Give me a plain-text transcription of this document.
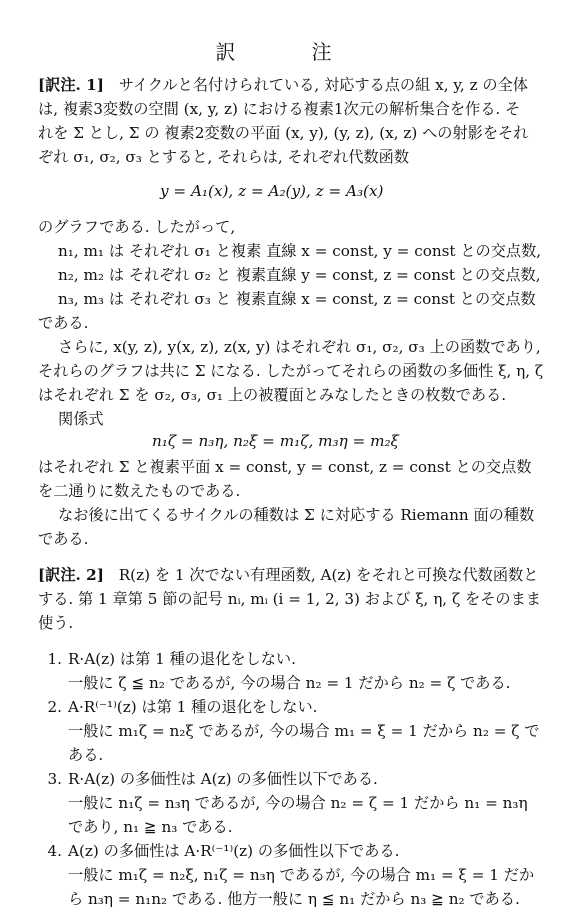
訳　注
[訳注. 1] サイクルと名付けられている, 対応する点の組 x, y, z の全体
は, 複素3変数の空間 (x, y, z) における複素1次元の解析集合を作る. そ
れを Σ とし, Σ の 複素2変数の平面 (x, y), (y, z), (x, z) への射影をそれ
ぞれ σ₁, σ₂, σ₃ とすると, それらは, それぞれ代数函数
y = A₁(x), z = A₂(y), z = A₃(x)
のグラフである. したがって,
n₁, m₁ は それぞれ σ₁ と複素 直線 x = const, y = const との交点数,
n₂, m₂ は それぞれ σ₂ と 複素直線 y = const, z = const との交点数,
n₃, m₃ は それぞれ σ₃ と 複素直線 x = const, z = const との交点数
である.
さらに, x(y, z), y(x, z), z(x, y) はそれぞれ σ₁, σ₂, σ₃ 上の函数であり,
それらのグラフは共に Σ になる. したがってそれらの函数の多価性 ξ, η, ζ
はそれぞれ Σ を σ₂, σ₃, σ₁ 上の被覆面とみなしたときの枚数である.
関係式
n₁ζ = n₃η, n₂ξ = m₁ζ, m₃η = m₂ξ
はそれぞれ Σ と複素平面 x = const, y = const, z = const との交点数
を二通りに数えたものである.
なお後に出てくるサイクルの種数は Σ に対応する Riemann 面の種数
である.
[訳注. 2] R(z) を 1 次でない有理函数, A(z) をそれと可換な代数函数と
する. 第 1 章第 5 節の記号 nᵢ, mᵢ (i = 1, 2, 3) および ξ, η, ζ をそのまま
使う.
1. R·A(z) は第 1 種の退化をしない.
一般に ζ ≦ n₂ であるが, 今の場合 n₂ = 1 だから n₂ = ζ である.
2. A·R⁽⁻¹⁾(z) は第 1 種の退化をしない.
一般に m₁ζ = n₂ξ であるが, 今の場合 m₁ = ξ = 1 だから n₂ = ζ で
ある.
3. R·A(z) の多価性は A(z) の多価性以下である.
一般に n₁ζ = n₃η であるが, 今の場合 n₂ = ζ = 1 だから n₁ = n₃η
であり, n₁ ≧ n₃ である.
4. A(z) の多価性は A·R⁽⁻¹⁾(z) の多価性以下である.
一般に m₁ζ = n₂ξ, n₁ζ = n₃η であるが, 今の場合 m₁ = ξ = 1 だか
ら n₃η = n₁n₂ である. 他方一般に η ≦ n₁ だから n₃ ≧ n₂ である.
